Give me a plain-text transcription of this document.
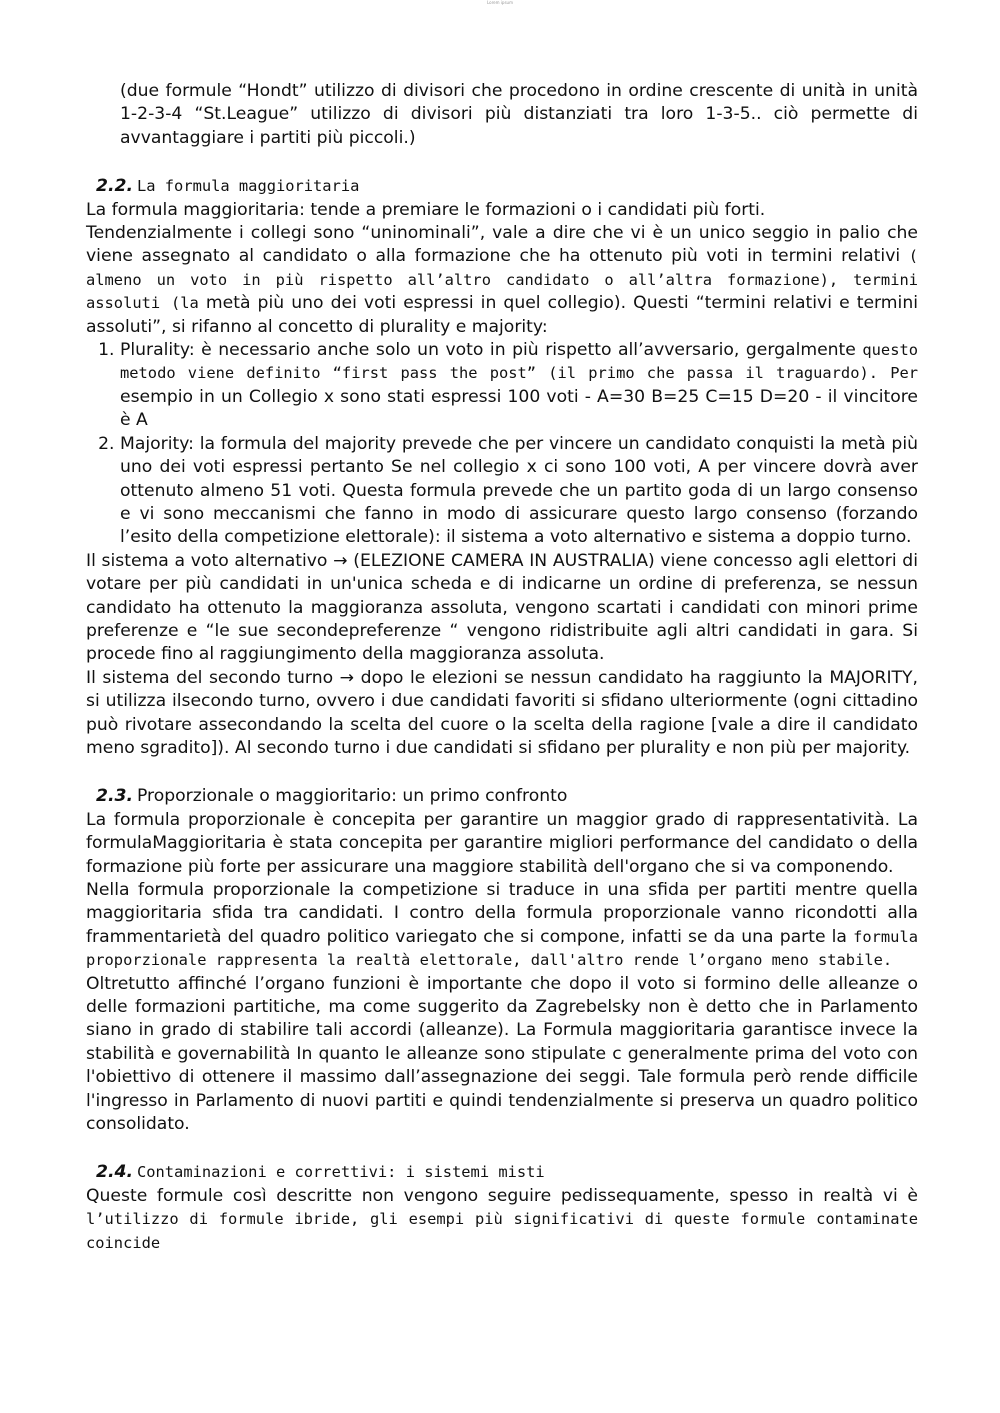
Lorem ipsum

(due formule “Hondt” utilizzo di divisori che procedono in ordine crescente di unità in unità 1-2-3-4 “St.League” utilizzo di divisori più distanziati tra loro 1-3-5.. ciò permette di avvantaggiare i partiti più piccoli.)

2.2. La formula maggioritaria

La formula maggioritaria: tende a premiare le formazioni o i candidati più forti.

Tendenzialmente i collegi sono “uninominali”, vale a dire che vi è un unico seggio in palio che viene assegnato al candidato o alla formazione che ha ottenuto più voti in termini relativi ( almeno un voto in più rispetto all’altro candidato o all’altra formazione), termini assoluti (la metà più uno dei voti espressi in quel collegio). Questi “termini relativi e termini assoluti”, si rifanno al concetto di plurality e majority:

1. Plurality: è necessario anche solo un voto in più rispetto all’avversario, gergalmente questo metodo viene definito “first pass the post” (il primo che passa il traguardo). Per esempio in un Collegio x sono stati espressi 100 voti - A=30 B=25 C=15 D=20 - il vincitore è A
2. Majority: la formula del majority prevede che per vincere un candidato conquisti la metà più uno dei voti espressi pertanto Se nel collegio x ci sono 100 voti, A per vincere dovrà aver ottenuto almeno 51 voti. Questa formula prevede che un partito goda di un largo consenso e vi sono meccanismi che fanno in modo di assicurare questo largo consenso (forzando l’esito della competizione elettorale): il sistema a voto alternativo e sistema a doppio turno.

Il sistema a voto alternativo → (ELEZIONE CAMERA IN AUSTRALIA) viene concesso agli elettori di votare per più candidati in un'unica scheda e di indicarne un ordine di preferenza, se nessun candidato ha ottenuto la maggioranza assoluta, vengono scartati i candidati con minori prime preferenze e “le sue secondepreferenze “ vengono ridistribuite agli altri candidati in gara. Si procede fino al raggiungimento della maggioranza assoluta.

Il sistema del secondo turno → dopo le elezioni se nessun candidato ha raggiunto la MAJORITY, si utilizza ilsecondo turno, ovvero i due candidati favoriti si sfidano ulteriormente (ogni cittadino può rivotare assecondando la scelta del cuore o la scelta della ragione [vale a dire il candidato meno sgradito]). Al secondo turno i due candidati si sfidano per plurality e non più per majority.

2.3. Proporzionale o maggioritario: un primo confronto

La formula proporzionale è concepita per garantire un maggior grado di rappresentatività. La formulaMaggioritaria è stata concepita per garantire migliori performance del candidato o della formazione più forte per assicurare una maggiore stabilità dell'organo che si va componendo.

Nella formula proporzionale la competizione si traduce in una sfida per partiti mentre quella maggioritaria sfida tra candidati. I contro della formula proporzionale vanno ricondotti alla frammentarietà del quadro politico variegato che si compone, infatti se da una parte la formula proporzionale rappresenta la realtà elettorale, dall'altro rende l’organo meno stabile.

Oltretutto affinché l’organo funzioni è importante che dopo il voto si formino delle alleanze o delle formazioni partitiche, ma come suggerito da Zagrebelsky non è detto che in Parlamento siano in grado di stabilire tali accordi (alleanze). La Formula maggioritaria garantisce invece la stabilità e governabilità In quanto le alleanze sono stipulate c generalmente prima del voto con l'obiettivo di ottenere il massimo dall’assegnazione dei seggi. Tale formula però rende difficile l'ingresso in Parlamento di nuovi partiti e quindi tendenzialmente si preserva un quadro politico consolidato.

2.4. Contaminazioni e correttivi: i sistemi misti

Queste formule così descritte non vengono seguire pedissequamente, spesso in realtà vi è l’utilizzo di formule ibride, gli esempi più significativi di queste formule contaminate coincide
